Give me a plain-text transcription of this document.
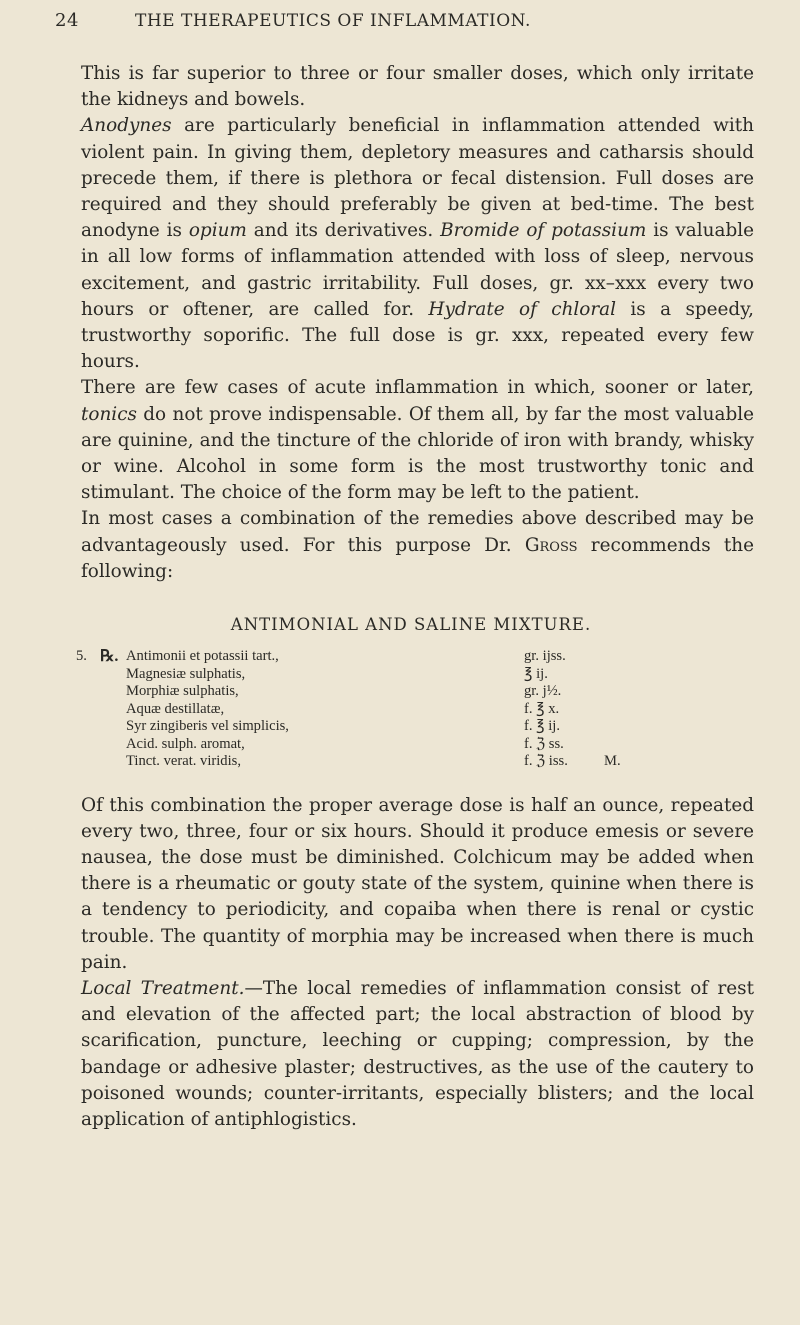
24	THE THERAPEUTICS OF INFLAMMATION.

This is far superior to three or four smaller doses, which only irritate the kidneys and bowels.

Anodynes are particularly beneficial in inflammation attended with violent pain. In giving them, depletory measures and catharsis should precede them, if there is plethora or fecal distension. Full doses are required and they should preferably be given at bed-time. The best anodyne is opium and its derivatives. Bromide of potassium is valuable in all low forms of inflammation attended with loss of sleep, nervous excitement, and gastric irritability. Full doses, gr. xx–xxx every two hours or oftener, are called for. Hydrate of chloral is a speedy, trustworthy soporific. The full dose is gr. xxx, repeated every few hours.

There are few cases of acute inflammation in which, sooner or later, tonics do not prove indispensable. Of them all, by far the most valuable are quinine, and the tincture of the chloride of iron with brandy, whisky or wine. Alcohol in some form is the most trustworthy tonic and stimulant. The choice of the form may be left to the patient.

In most cases a combination of the remedies above described may be advantageously used. For this purpose Dr. Gross recommends the following:

ANTIMONIAL AND SALINE MIXTURE.
5. ℞. Antimonii et potassii tart.,	gr. ijss.
Magnesiæ sulphatis,	℥ ij.
Morphiæ sulphatis,	gr. j½.
Aquæ destillatæ,	f. ℥ x.
Syr zingiberis vel simplicis,	f. ℥ ij.
Acid. sulph. aromat,	f. ℨ ss.
Tinct. verat. viridis,	f. ℨ iss.	M.

Of this combination the proper average dose is half an ounce, repeated every two, three, four or six hours. Should it produce emesis or severe nausea, the dose must be diminished. Colchicum may be added when there is a rheumatic or gouty state of the system, quinine when there is a tendency to periodicity, and copaiba when there is renal or cystic trouble. The quantity of morphia may be increased when there is much pain.

Local Treatment.—The local remedies of inflammation consist of rest and elevation of the affected part; the local abstraction of blood by scarification, puncture, leeching or cupping; compression, by the bandage or adhesive plaster; destructives, as the use of the cautery to poisoned wounds; counter-irritants, especially blisters; and the local application of antiphlogistics.
